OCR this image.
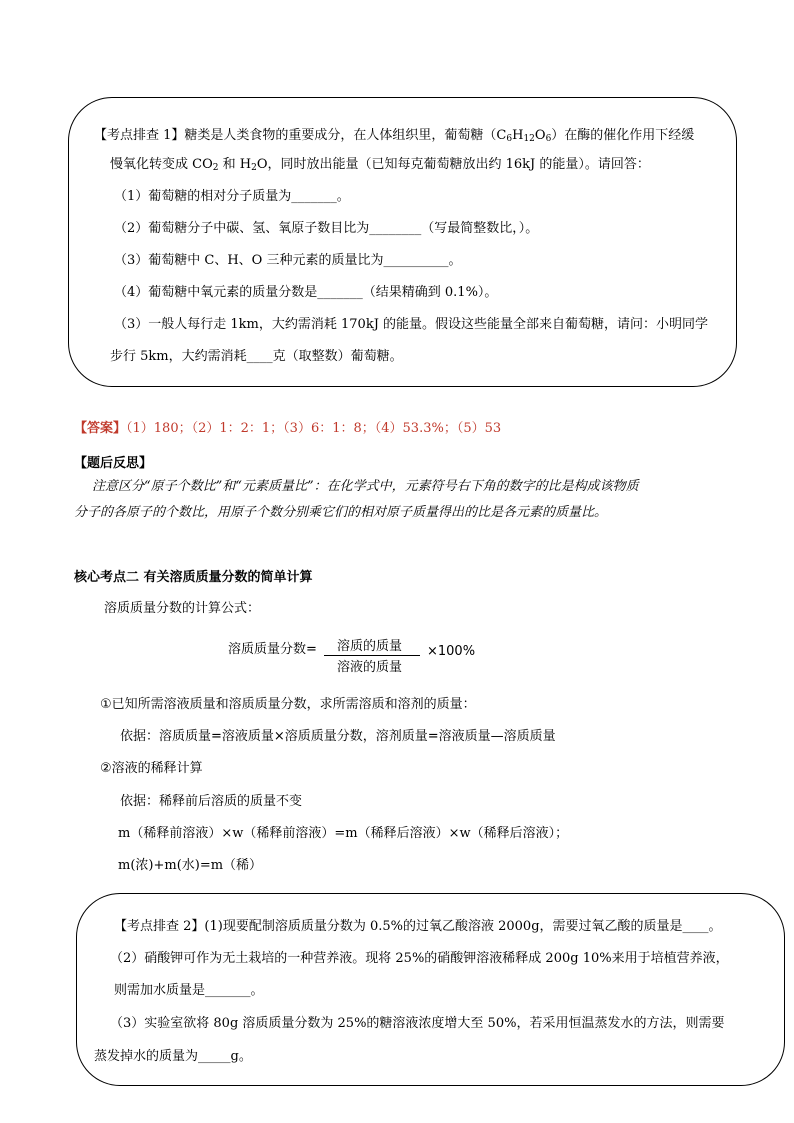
【考点排查 1】糖类是人类食物的重要成分，在人体组织里，葡萄糖$(C_6H_{12}O_6)$在酶的催化作用下经缓
慢氧化转变成 $CO_2$ 和 $H_2O$，同时放出能量（已知每克葡萄糖放出约 16kJ 的能量）。请回答：
（1）葡萄糖的相对分子质量为_______。
（2）葡萄糖分子中碳、氢、氧原子数目比为________（写最简整数比，）。
（3）葡萄糖中 C、H、O 三种元素的质量比为__________。
（4）葡萄糖中氧元素的质量分数是_______（结果精确到 0.1%）。
（3）一般人每行走 1km，大约需消耗 170kJ 的能量。假设这些能量全部来自葡萄糖，请问：小明同学
步行 5km，大约需消耗____克（取整数）葡萄糖。
【答案】（1）180；（2）1：2：1；（3）6：1：8；（4）53.3%；（5）53
【题后反思】
注意区分“原子个数比”和“元素质量比”：在化学式中，元素符号右下角的数字的比是构成该物质
分子的各原子的个数比，用原子个数分别乘它们的相对原子质量得出的比是各元素的质量比。
核心考点二 有关溶质质量分数的简单计算
溶质质量分数的计算公式：
溶质质量分数= 溶质的质量
溶液的质量
×100%
①已知所需溶液质量和溶质质量分数，求所需溶质和溶剂的质量：
依据：溶质质量=溶液质量×溶质质量分数，溶剂质量=溶液质量—溶质质量
②溶液的稀释计算
依据：稀释前后溶质的质量不变
m（稀释前溶液）×w（稀释前溶液）=m（稀释后溶液）×w（稀释后溶液）；
m(浓)+m(水)=m（稀）
【考点排查 2】(1)现要配制溶质质量分数为 0.5%的过氧乙酸溶液 2000g，需要过氧乙酸的质量是____。
（2）硝酸钾可作为无土栽培的一种营养液。现将 25%的硝酸钾溶液稀释成 200g 10%来用于培植营养液，
则需加水质量是_______。
（3）实验室欲将 80g 溶质质量分数为 25%的糖溶液浓度增大至 50%，若采用恒温蒸发水的方法，则需要
蒸发掉水的质量为_____g。
